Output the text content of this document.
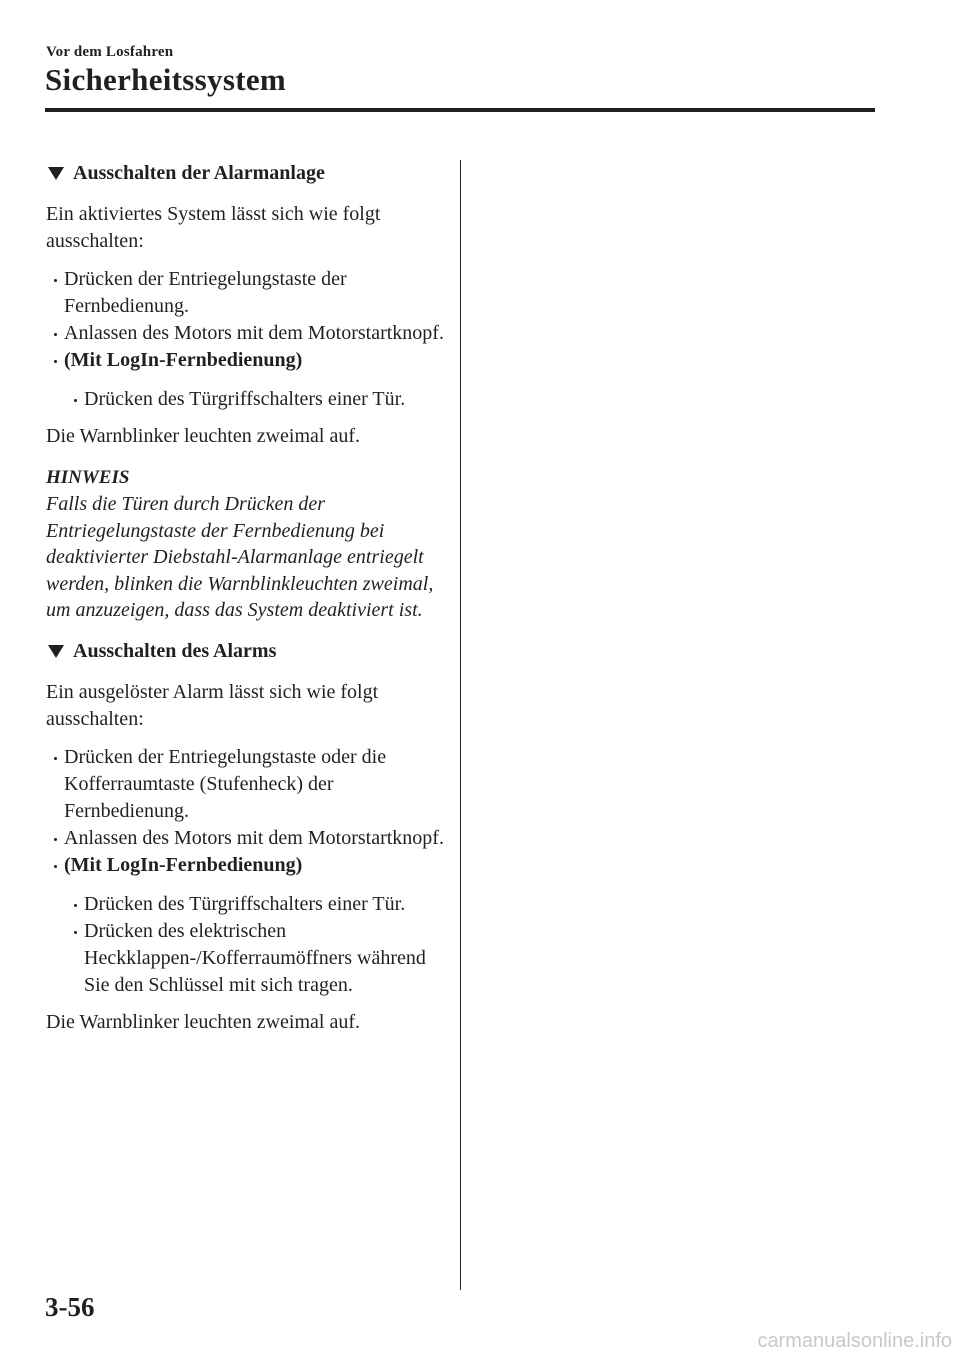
Vor dem Losfahren
Sicherheitssystem
Ausschalten der Alarmanlage

Ein aktiviertes System lässt sich wie folgt ausschalten:

Drücken der Entriegelungstaste der Fernbedienung.
Anlassen des Motors mit dem Motorstartknopf.
(Mit LogIn-Fernbedienung)
Drücken des Türgriffschalters einer Tür.

Die Warnblinker leuchten zweimal auf.

HINWEIS

Falls die Türen durch Drücken der Entriegelungstaste der Fernbedienung bei deaktivierter Diebstahl-Alarmanlage entriegelt werden, blinken die Warnblinkleuchten zweimal, um anzuzeigen, dass das System deaktiviert ist.

Ausschalten des Alarms

Ein ausgelöster Alarm lässt sich wie folgt ausschalten:

Drücken der Entriegelungstaste oder die Kofferraumtaste (Stufenheck) der Fernbedienung.
Anlassen des Motors mit dem Motorstartknopf.
(Mit LogIn-Fernbedienung)
Drücken des Türgriffschalters einer Tür.
Drücken des elektrischen Heckklappen-/Kofferraumöffners während Sie den Schlüssel mit sich tragen.

Die Warnblinker leuchten zweimal auf.

3-56
carmanualsonline.info
